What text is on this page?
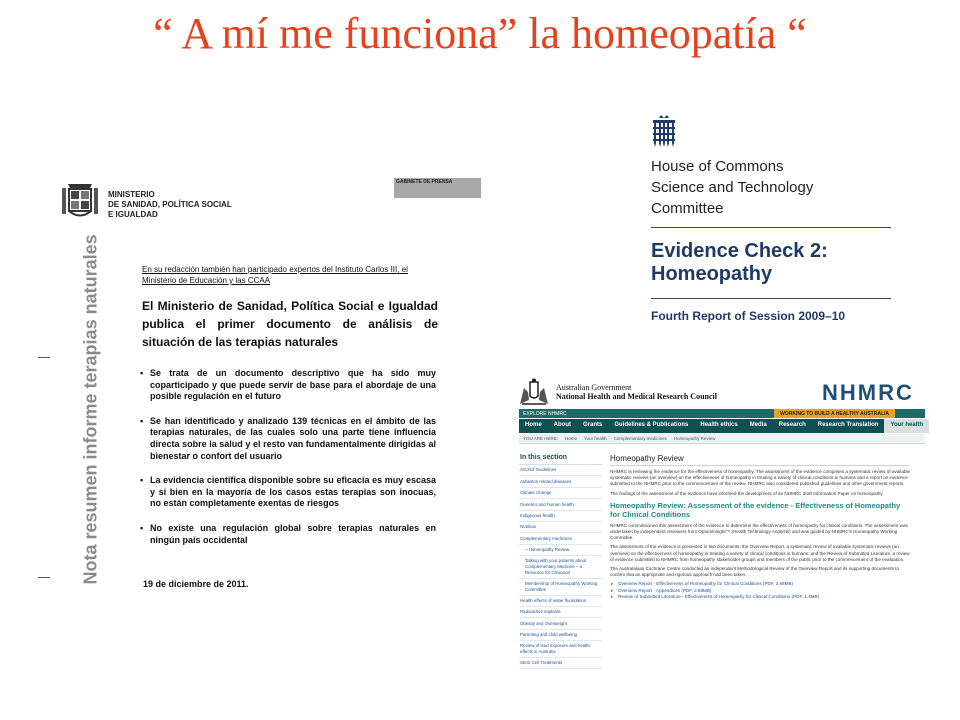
“ A mí me funciona” la homeopatía “
MINISTERIO
DE SANIDAD, POLÍTICA SOCIAL
E IGUALDAD
GABINETE DE PRENSA
Nota resumen informe terapias naturales	En su redacción también han participado expertos del Instituto Carlos III, el Ministerio de Educación y las CCAA
El Ministerio de Sanidad, Política Social e Igualdad publica el primer documento de análisis de situación de las terapias naturales
▪ Se trata de un documento descriptivo que ha sido muy coparticipado y que puede servir de base para el abordaje de una posible regulación en el futuro
▪ Se han identificado y analizado 139 técnicas en el ámbito de las terapias naturales, de las cuales solo una parte tiene influencia directa sobre la salud y el resto van fundamentalmente dirigidas al bienestar o confort del usuario
▪ La evidencia científica disponible sobre su eficacia es muy escasa y si bien en la mayoría de los casos estas terapias son inocuas, no están completamente exentas de riesgos
▪ No existe una regulación global sobre terapias naturales en ningún país occidental
19 de diciembre de 2011.
House of Commons
Science and Technology
Committee
Evidence Check 2:
Homeopathy
Fourth Report of Session 2009–10
Australian Government
National Health and Medical Research Council	NHMRC
EXPLORE NHMRC	WORKING TO BUILD A HEALTHY AUSTRALIA
Home	About	Grants	Guidelines & Publications	Health ethics	Media	Research	Research Translation	Your health
YOU ARE HERE: Home Your health Complementary medicines Homeopathy Review
In this section
Alcohol Guidelines
Asbestos related diseases
Climate Change
Genetics and human health
Indigenous health
Nutrition
Complementary medicines
– Homeopathy Review
Talking with your patients about Complementary Medicine – a Resource for Clinicians
Membership of Homeopathy Working Committee
Health effects of water fluoridation
Radioactive implants
Obesity and Overweight
Parenting and child wellbeing
Review of lead exposure and health effects in Australia
Stem Cell Treatments
Homeopathy Review

NHMRC is reviewing the evidence for the effectiveness of homeopathy. The assessment of the evidence comprises a systematic review of available systematic reviews (an overview) on the effectiveness of homeopathy in treating a variety of clinical conditions in humans and a report on evidence submitted to the NHMRC prior to the commencement of the review. NHMRC also considered published guidelines and other government reports.

The findings of the assessment of the evidence have informed the development of an NHMRC draft Information Paper on homeopathy.

Homeopathy Review: Assessment of the evidence - Effectiveness of Homeopathy for Clinical Conditions

NHMRC commissioned this assessment of the evidence to determine the effectiveness of homeopathy for clinical conditions. The assessment was undertaken by independent reviewers from OptumInsight™ (Health Technology Analysts) and was guided by NHMRC's Homeopathy Working Committee.

The assessment of the evidence is presented in two documents: the Overview Report, a systematic review of available systematic reviews (an overview) on the effectiveness of homeopathy in treating a variety of clinical conditions in humans; and the Review of Submitted Literature, a review of evidence submitted to NHMRC from homeopathy stakeholder groups and members of the public prior to the commencement of the evaluation.

The Australasian Cochrane Centre conducted an independent Methodological Review of the Overview Report and its supporting documents to confirm that an appropriate and rigorous approach had been taken.

▸ Overview Report - Effectiveness of Homeopathy for Clinical Conditions (PDF, 2.66MB)
▸ Overview Report - Appendices (PDF, 2.88MB)
▸ Review of Submitted Literature - Effectiveness of Homeopathy for Clinical Conditions (PDF, 1.4MB)
